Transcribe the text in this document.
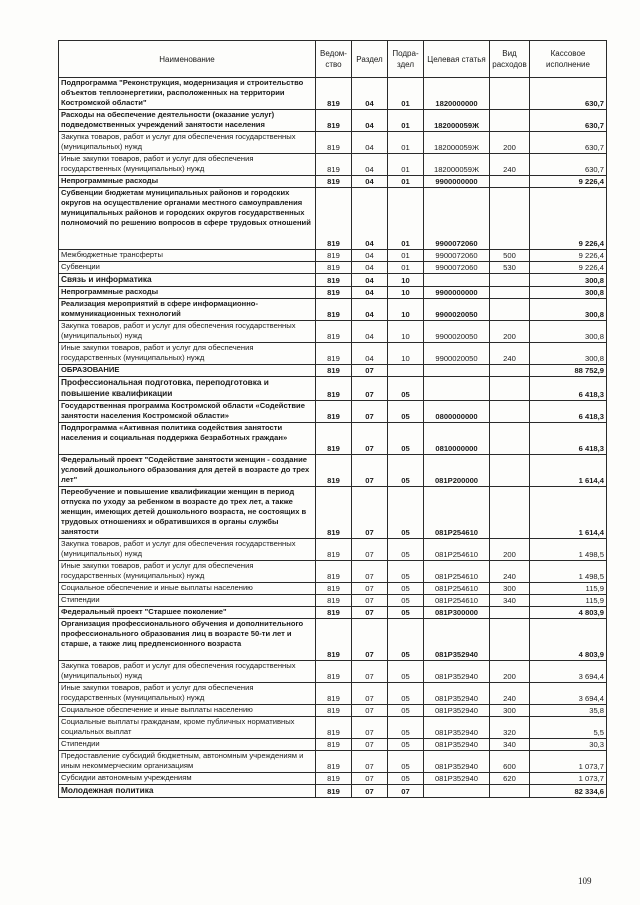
Наименование	Ведом-ство	Раздел	Подра-здел	Целевая статья	Вид расходов	Кассовое исполнение
Подпрограмма "Реконструкция, модернизация и строительство объектов теплоэнергетики, расположенных на территории Костромской области"	819	04	01	1820000000		630,7
Расходы на обеспечение деятельности (оказание услуг) подведомственных учреждений занятости населения	819	04	01	182000059Ж		630,7
Закупка товаров, работ и услуг для обеспечения государственных (муниципальных) нужд	819	04	01	182000059Ж	200	630,7
Иные закупки товаров, работ и услуг для обеспечения государственных (муниципальных) нужд	819	04	01	182000059Ж	240	630,7
Непрограммные расходы	819	04	01	9900000000		9 226,4
Субвенции бюджетам муниципальных районов и городских округов на осуществление органами местного самоуправления муниципальных районов и городских округов государственных полномочий по решению вопросов в сфере трудовых отношений	819	04	01	9900072060		9 226,4
Межбюджетные трансферты	819	04	01	9900072060	500	9 226,4
Субвенции	819	04	01	9900072060	530	9 226,4
Связь и информатика	819	04	10			300,8
Непрограммные расходы	819	04	10	9900000000		300,8
Реализация мероприятий в сфере информационно-коммуникационных технологий	819	04	10	9900020050		300,8
Закупка товаров, работ и услуг для обеспечения государственных (муниципальных) нужд	819	04	10	9900020050	200	300,8
Иные закупки товаров, работ и услуг для обеспечения государственных (муниципальных) нужд	819	04	10	9900020050	240	300,8
ОБРАЗОВАНИЕ	819	07				88 752,9
Профессиональная подготовка, переподготовка и повышение квалификации	819	07	05			6 418,3
Государственная программа Костромской области «Содействие занятости населения Костромской области»	819	07	05	0800000000		6 418,3
Подпрограмма «Активная политика содействия занятости населения и социальная поддержка безработных граждан»	819	07	05	0810000000		6 418,3
Федеральный проект "Содействие занятости женщин - создание условий дошкольного образования для детей в возрасте до трех лет"	819	07	05	081P200000		1 614,4
Переобучение и повышение квалификации женщин в период отпуска по уходу за ребенком в возрасте до трех лет, а также женщин, имеющих детей дошкольного возраста, не состоящих в трудовых отношениях и обратившихся в органы службы занятости	819	07	05	081P254610		1 614,4
Закупка товаров, работ и услуг для обеспечения государственных (муниципальных) нужд	819	07	05	081P254610	200	1 498,5
Иные закупки товаров, работ и услуг для обеспечения государственных (муниципальных) нужд	819	07	05	081P254610	240	1 498,5
Социальное обеспечение и иные выплаты населению	819	07	05	081P254610	300	115,9
Стипендии	819	07	05	081P254610	340	115,9
Федеральный проект "Старшее поколение"	819	07	05	081P300000		4 803,9
Организация профессионального обучения и дополнительного профессионального образования лиц в возрасте 50-ти лет и старше, а также лиц предпенсионного возраста	819	07	05	081P352940		4 803,9
Закупка товаров, работ и услуг для обеспечения государственных (муниципальных) нужд	819	07	05	081P352940	200	3 694,4
Иные закупки товаров, работ и услуг для обеспечения государственных (муниципальных) нужд	819	07	05	081P352940	240	3 694,4
Социальное обеспечение и иные выплаты населению	819	07	05	081P352940	300	35,8
Социальные выплаты гражданам, кроме публичных нормативных социальных выплат	819	07	05	081P352940	320	5,5
Стипендии	819	07	05	081P352940	340	30,3
Предоставление субсидий бюджетным, автономным учреждениям и иным некоммерческим организациям	819	07	05	081P352940	600	1 073,7
Субсидии автономным учреждениям	819	07	05	081P352940	620	1 073,7
Молодежная политика	819	07	07			82 334,6
109
